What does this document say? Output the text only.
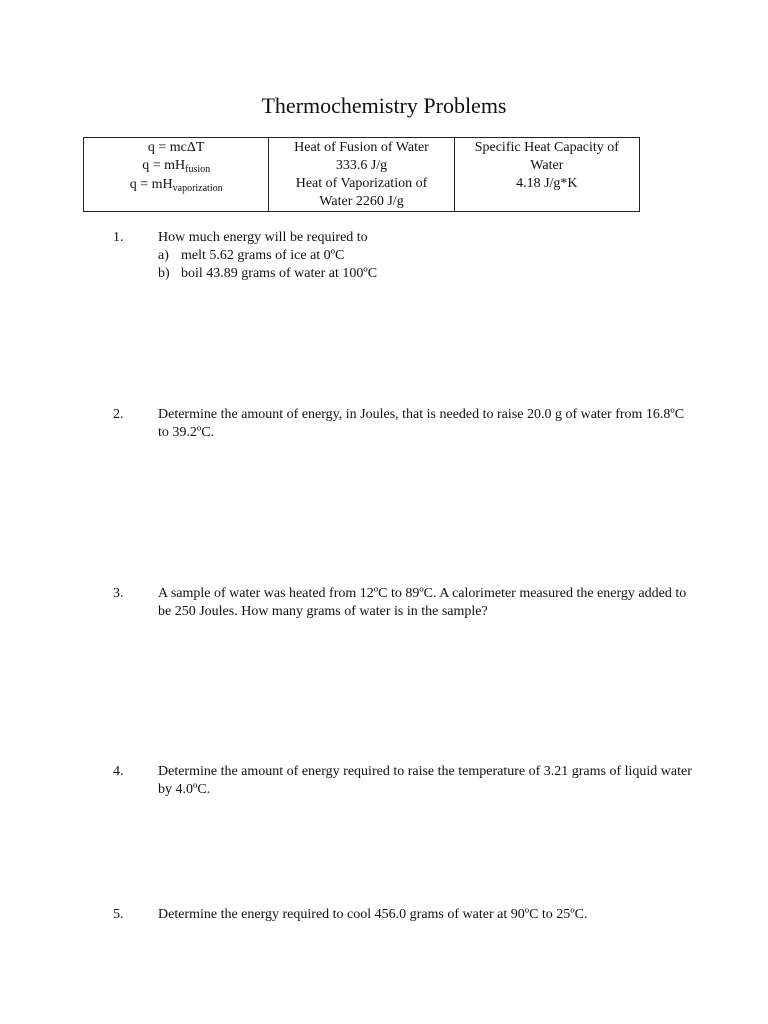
Thermochemistry Problems
q = mcΔT
$q = mH_{fusion}$
$q = mH_{vaporization}$

Heat of Fusion of Water
333.6 J/g
Heat of Vaporization of
Water 2260 J/g

Specific Heat Capacity of
Water
4.18 J/g*K
1. How much energy will be required to
a) melt 5.62 grams of ice at 0ºC
b) boil 43.89 grams of water at 100ºC
2. Determine the amount of energy, in Joules, that is needed to raise 20.0 g of water from 16.8ºC to 39.2ºC.
3. A sample of water was heated from 12ºC to 89ºC. A calorimeter measured the energy added to be 250 Joules. How many grams of water is in the sample?
4. Determine the amount of energy required to raise the temperature of 3.21 grams of liquid water by 4.0ºC.
5. Determine the energy required to cool 456.0 grams of water at 90ºC to 25ºC.
